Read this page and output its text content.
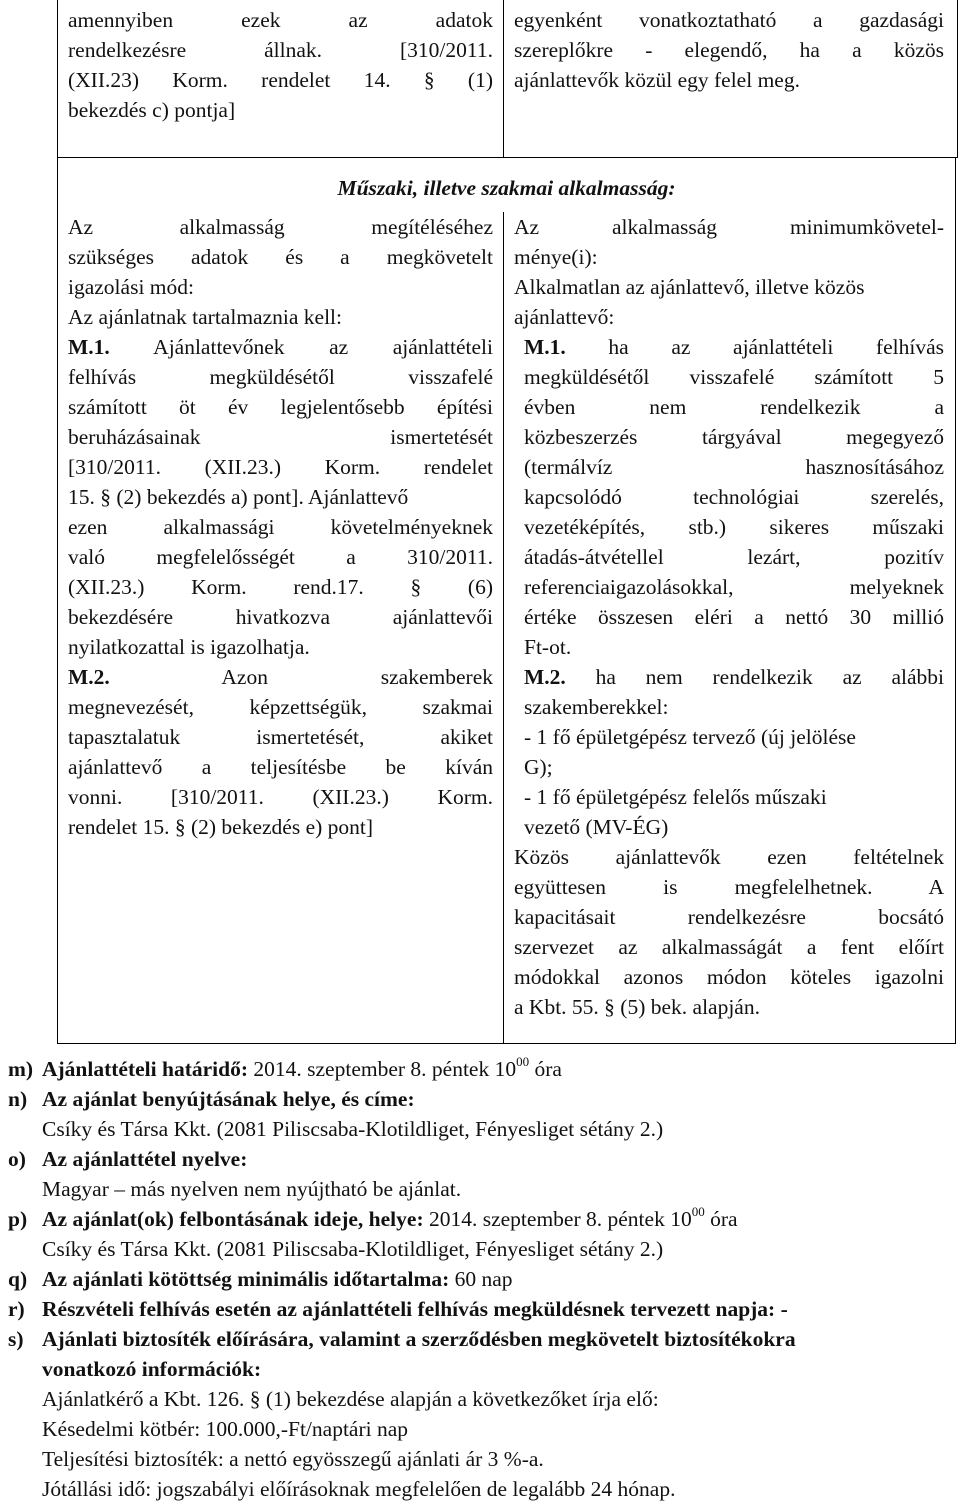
amennyiben ezek az adatok

rendelkezésre állnak. [310/2011.

(XII.23) Korm. rendelet 14. § (1)

bekezdés c) pontja]

egyenként vonatkoztatható a gazdasági

szereplőkre - elegendő, ha a közös

ajánlattevők közül egy felel meg.

Műszaki, illetve szakmai alkalmasság:

Az alkalmasság megítéléséhez

szükséges adatok és a megkövetelt

igazolási mód:

Az ajánlatnak tartalmaznia kell:

M.1. Ajánlattevőnek az ajánlattételi

felhívás megküldésétől visszafelé

számított öt év legjelentősebb építési

beruházásainak ismertetését

[310/2011. (XII.23.) Korm. rendelet

15. § (2) bekezdés a) pont]. Ajánlattevő

ezen alkalmassági követelményeknek

való megfelelősségét a 310/2011.

(XII.23.) Korm. rend.17. § (6)

bekezdésére hivatkozva ajánlattevői

nyilatkozattal is igazolhatja.

M.2. Azon szakemberek

megnevezését, képzettségük, szakmai

tapasztalatuk ismertetését, akiket

ajánlattevő a teljesítésbe be kíván

vonni. [310/2011. (XII.23.) Korm.

rendelet 15. § (2) bekezdés e) pont]

Az alkalmasság minimumkövetel-

ménye(i):

Alkalmatlan az ajánlattevő, illetve közös

ajánlattevő:

M.1. ha az ajánlattételi felhívás

megküldésétől visszafelé számított 5

évben nem rendelkezik a

közbeszerzés tárgyával megegyező

(termálvíz hasznosításához

kapcsolódó technológiai szerelés,

vezetéképítés, stb.) sikeres műszaki

átadás-átvétellel lezárt, pozitív

referenciaigazolásokkal, melyeknek

értéke összesen eléri a nettó 30 millió

Ft-ot.

M.2. ha nem rendelkezik az alábbi

szakemberekkel:

- 1 fő épületgépész tervező (új jelölése

G);

- 1 fő épületgépész felelős műszaki

vezető (MV-ÉG)

Közös ajánlattevők ezen feltételnek

együttesen is megfelelhetnek. A

kapacitásait rendelkezésre bocsátó

szervezet az alkalmasságát a fent előírt

módokkal azonos módon köteles igazolni

a Kbt. 55. § (5) bek. alapján.

m) Ajánlattételi határidő: 2014. szeptember 8. péntek $10^{00}$ óra
n) Az ajánlat benyújtásának helye, és címe:
Csíky és Társa Kkt. (2081 Piliscsaba-Klotildliget, Fényesliget sétány 2.)
o) Az ajánlattétel nyelve:
Magyar – más nyelven nem nyújtható be ajánlat.
p) Az ajánlat(ok) felbontásának ideje, helye: 2014. szeptember 8. péntek $10^{00}$ óra
Csíky és Társa Kkt. (2081 Piliscsaba-Klotildliget, Fényesliget sétány 2.)
q) Az ajánlati kötöttség minimális időtartalma: 60 nap
r) Részvételi felhívás esetén az ajánlattételi felhívás megküldésnek tervezett napja: -
s) Ajánlati biztosíték előírására, valamint a szerződésben megkövetelt biztosítékokra
vonatkozó információk:
Ajánlatkérő a Kbt. 126. § (1) bekezdése alapján a következőket írja elő:
Késedelmi kötbér: 100.000,-Ft/naptári nap
Teljesítési biztosíték: a nettó egyösszegű ajánlati ár 3 %-a.
Jótállási idő: jogszabályi előírásoknak megfelelően de legalább 24 hónap.
